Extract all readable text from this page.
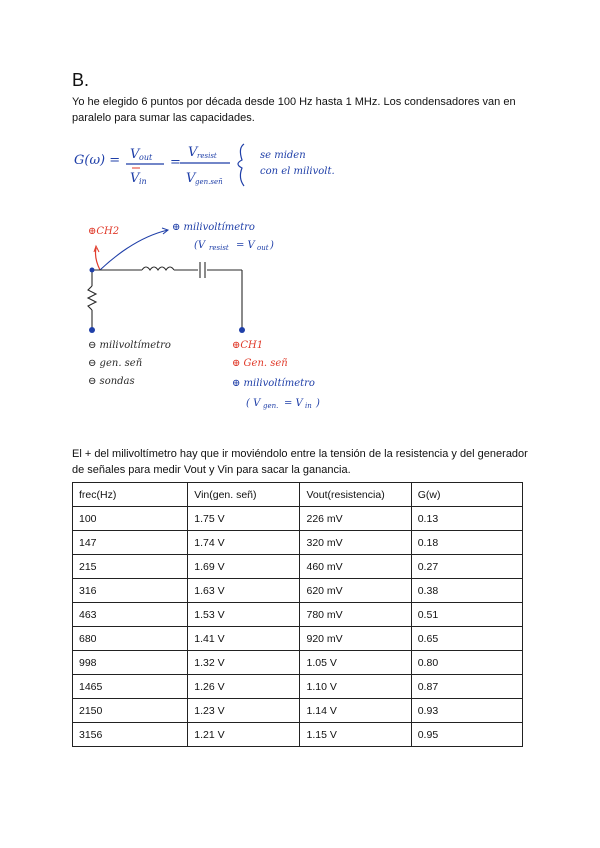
B.
Yo he elegido 6 puntos por década desde 100 Hz hasta 1 MHz. Los condensadores van en paralelo para sumar las capacidades.
G(ω) = V out
V in
=
V resist
V gen.señ
se miden
con el milivolt.
⊕CH2	⊕ milivoltímetro
(V resist = V out )
⊖ milivoltímetro
⊖ gen. señ
⊖ sondas
⊕CH1
⊕ Gen. señ
⊕ milivoltímetro
( V gen. = V in )
El + del milivoltímetro hay que ir moviéndolo entre la tensión de la resistencia y del generador de señales para medir Vout y Vin para sacar la ganancia.
frec(Hz)	Vin(gen. señ)	Vout(resistencia)	G(w)
100	1.75 V	226 mV	0.13
147	1.74 V	320 mV	0.18
215	1.69 V	460 mV	0.27
316	1.63 V	620 mV	0.38
463	1.53 V	780 mV	0.51
680	1.41 V	920 mV	0.65
998	1.32 V	1.05 V	0.80
1465	1.26 V	1.10 V	0.87
2150	1.23 V	1.14 V	0.93
3156	1.21 V	1.15 V	0.95
